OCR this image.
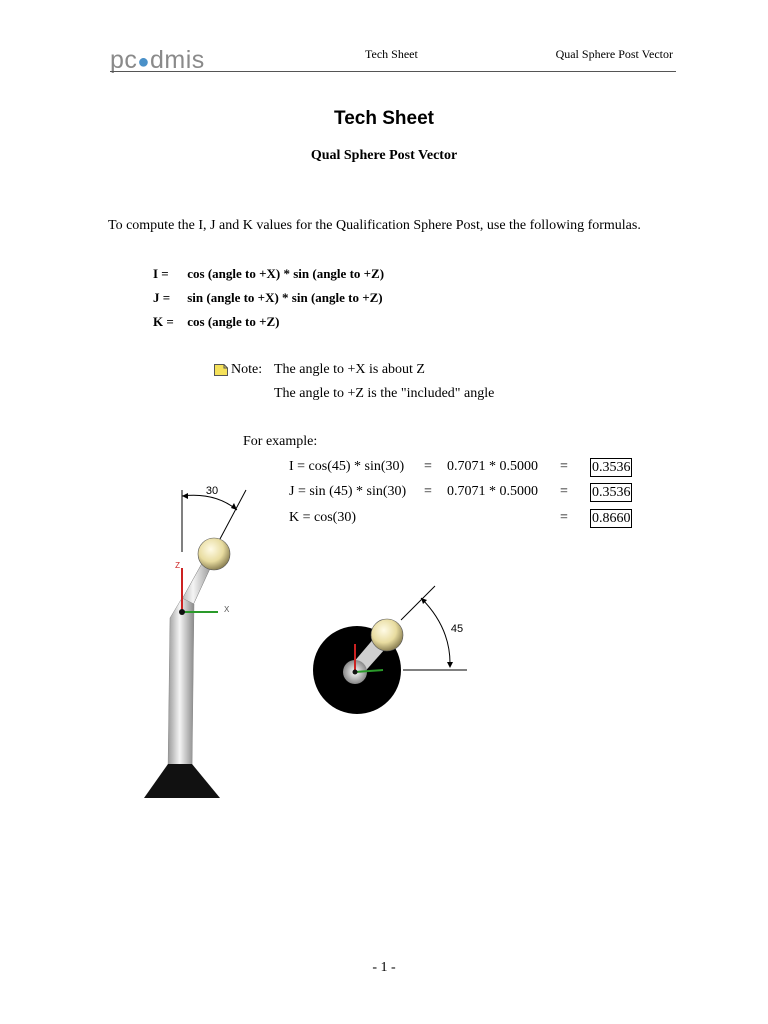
pc●dmis	Tech Sheet	Qual Sphere Post Vector
Tech Sheet
Qual Sphere Post Vector
To compute the I, J and K values for the Qualification Sphere Post, use the following formulas.
I = cos (angle to +X) * sin (angle to +Z)
J = sin (angle to +X) * sin (angle to +Z)
K = cos (angle to +Z)
Note: The angle to +X is about Z
The angle to +Z is the "included" angle
For example:
I = cos(45) * sin(30) = 0.7071 * 0.5000 = 0.3536
J = sin (45) * sin(30) = 0.7071 * 0.5000 = 0.3536
K = cos(30)	= 0.8660
30
Z
X
45
- 1 -
